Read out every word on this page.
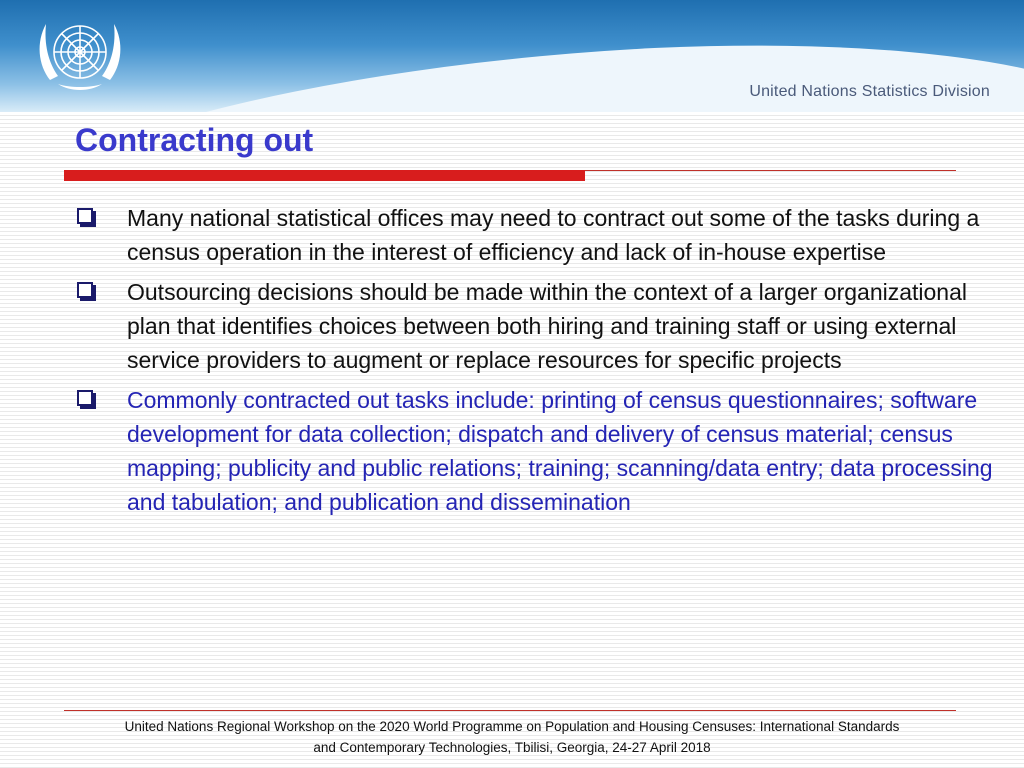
United Nations Statistics Division
Contracting out
Many national statistical offices may need to contract out some of the tasks during a census operation in the interest of efficiency and lack of in-house expertise
Outsourcing decisions should be made within the context of a larger organizational plan that identifies choices between both hiring and training staff or using external service providers to augment or replace resources for specific projects
Commonly contracted out tasks include: printing of census questionnaires; software development for data collection; dispatch and delivery of census material; census mapping; publicity and public relations; training; scanning/data entry; data processing and tabulation; and publication and dissemination
United Nations Regional Workshop on the 2020 World Programme on Population and Housing Censuses: International Standards
and Contemporary Technologies, Tbilisi, Georgia, 24-27 April 2018
